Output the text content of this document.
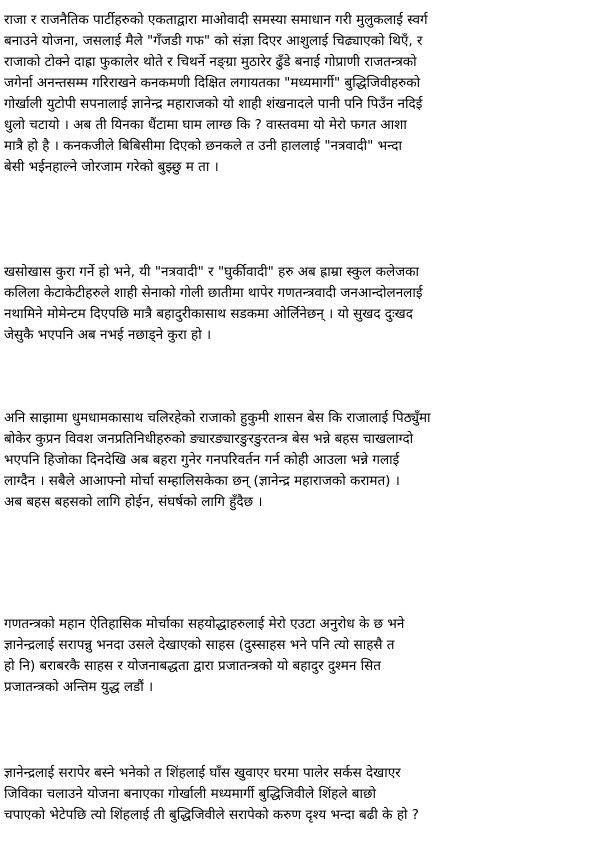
राजा र राजनैतिक पार्टीहरुको एकताद्वारा माओवादी समस्या समाधान गरी मुलुकलाई स्वर्ग
बनाउने योजना, जसलाई मैले "गँजडी गफ" को संज्ञा दिएर आशुलाई चिढ्याएको थिएँ, र
राजाको टोक्ने दाह्रा फुकालेर थोते र चिथर्ने नङ्ग्रा मुठारेर ढुँडे बनाई गोप्राणी राजतन्त्रको
जगेर्ना अनन्तसम्म गरिराखने कनकमणी दिक्षित लगायतका "मध्यमार्गी" बुद्धिजिवीहरुको
गोर्खाली युटोपी सपनालाई ज्ञानेन्द्र महाराजको यो शाही शंखनादले पानी पनि पिउँन नदिई
धुलो चटायो । अब ती यिनका धैंटामा घाम लाग्छ कि ? वास्तवमा यो मेरो फगत आशा
मात्रै हो है । कनकजीले बिबिसीमा दिएको छनकले त उनी हाललाई "नत्रवादी" भन्दा
बेसी भईनहाल्ने जोरजाम गरेको बुझ्छु म ता ।
खसोखास कुरा गर्ने हो भने, यी "नत्रवादी" र "घुर्कीवादी" हरु अब ह्राम्रा स्कुल कलेजका
कलिला केटाकेटीहरुले शाही सेनाको गोली छातीमा थापेर गणतन्त्रवादी जनआन्दोलनलाई
नथामिने मोमेन्टम दिएपछि मात्रै बहादुरीकासाथ सडकमा ओर्लिनेछन् । यो सुखद दुःखद
जेसुकै भएपनि अब नभई नछाड्ने कुरा हो ।
अनि साझामा धुमधामकासाथ चलिरहेको राजाको हुकुमी शासन बेस कि राजालाई पिठ्युँमा
बोकेर कुप्रन विवश जनप्रतिनिधीहरुको ङ्यारङ्यारङुरङुरतन्त्र बेस भन्ने बहस चाखलाग्दो
भएपनि हिजोका दिनदेखि अब बहरा गुनेर गनपरिवर्तन गर्न कोही आउला भन्ने गलाई
लाग्दैन । सबैले आआफ्नो मोर्चा सम्हालिसकेका छन् (ज्ञानेन्द्र महाराजको करामत) ।
अब बहस बहसको लागि होईन, संघर्षको लागि हुँदैछ ।
गणतन्त्रको महान ऐतिहासिक मोर्चाका सहयोद्धाहरुलाई मेरो एउटा अनुरोध के छ भने
ज्ञानेन्द्रलाई सरापन्नु भनदा उसले देखाएको साहस (दुस्साहस भने पनि त्यो साहसै त
हो नि) बराबरकै साहस र योजनाबद्धता द्वारा प्रजातन्त्रको यो बहादुर दुश्मन सित
प्रजातन्त्रको अन्तिम युद्ध लडौं ।
ज्ञानेन्द्रलाई सरापेर बस्ने भनेको त शिंहलाई घाँस खुवाएर घरमा पालेर सर्कस देखाएर
जिविका चलाउने योजना बनाएका गोर्खाली मध्यमार्गी बुद्धिजिवीले शिंहले बाछो
चपाएको भेटेपछि त्यो शिंहलाई ती बुद्धिजिवीले सरापेको करुण दृश्य भन्दा बढी के हो ?
